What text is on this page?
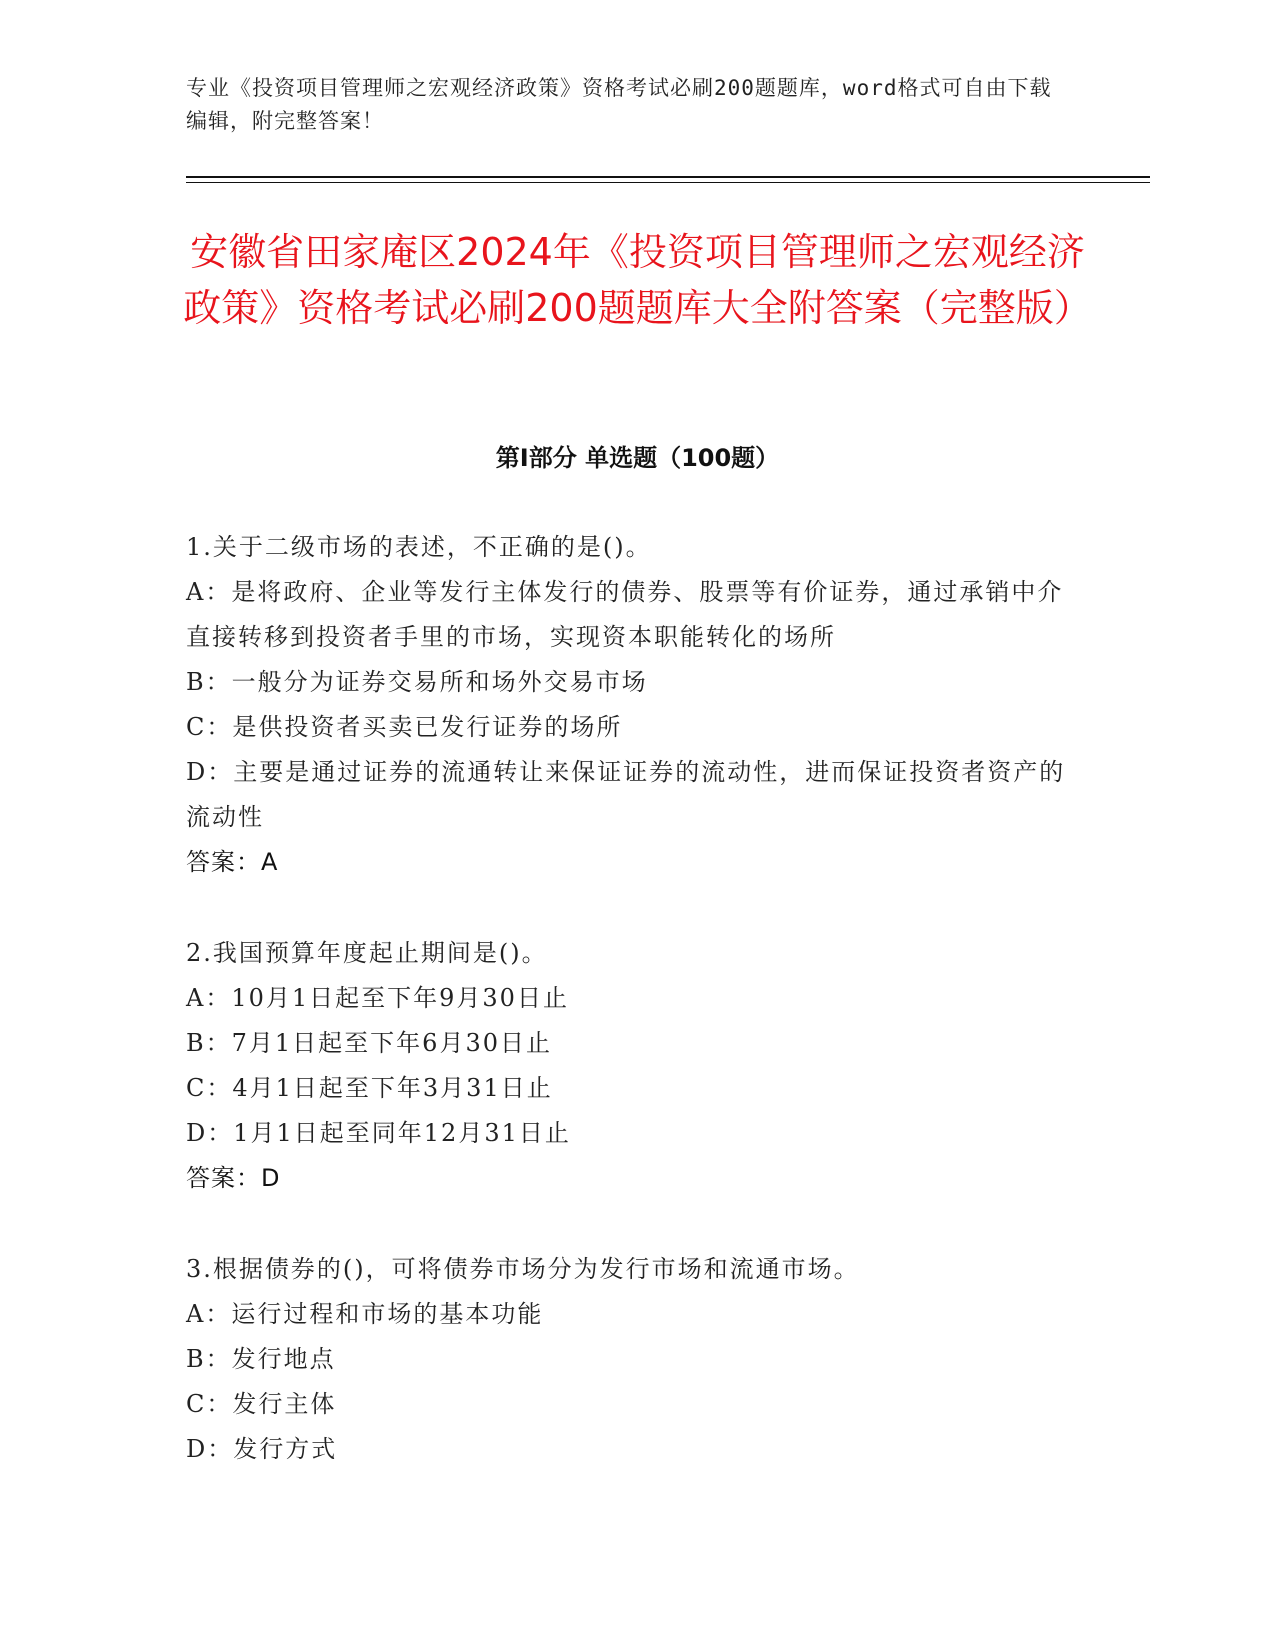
专业《投资项目管理师之宏观经济政策》资格考试必刷200题题库，word格式可自由下载编辑，附完整答案！
安徽省田家庵区2024年《投资项目管理师之宏观经济政策》资格考试必刷200题题库大全附答案（完整版）
第Ⅰ部分 单选题（100题）

1.关于二级市场的表述，不正确的是()。

A：是将政府、企业等发行主体发行的债券、股票等有价证券，通过承销中介直接转移到投资者手里的市场，实现资本职能转化的场所

B：一般分为证券交易所和场外交易市场

C：是供投资者买卖已发行证券的场所

D：主要是通过证券的流通转让来保证证券的流动性，进而保证投资者资产的流动性

答案：A

2.我国预算年度起止期间是()。

A：10月1日起至下年9月30日止

B：7月1日起至下年6月30日止

C：4月1日起至下年3月31日止

D：1月1日起至同年12月31日止

答案：D

3.根据债券的()，可将债券市场分为发行市场和流通市场。

A：运行过程和市场的基本功能

B：发行地点

C：发行主体

D：发行方式
